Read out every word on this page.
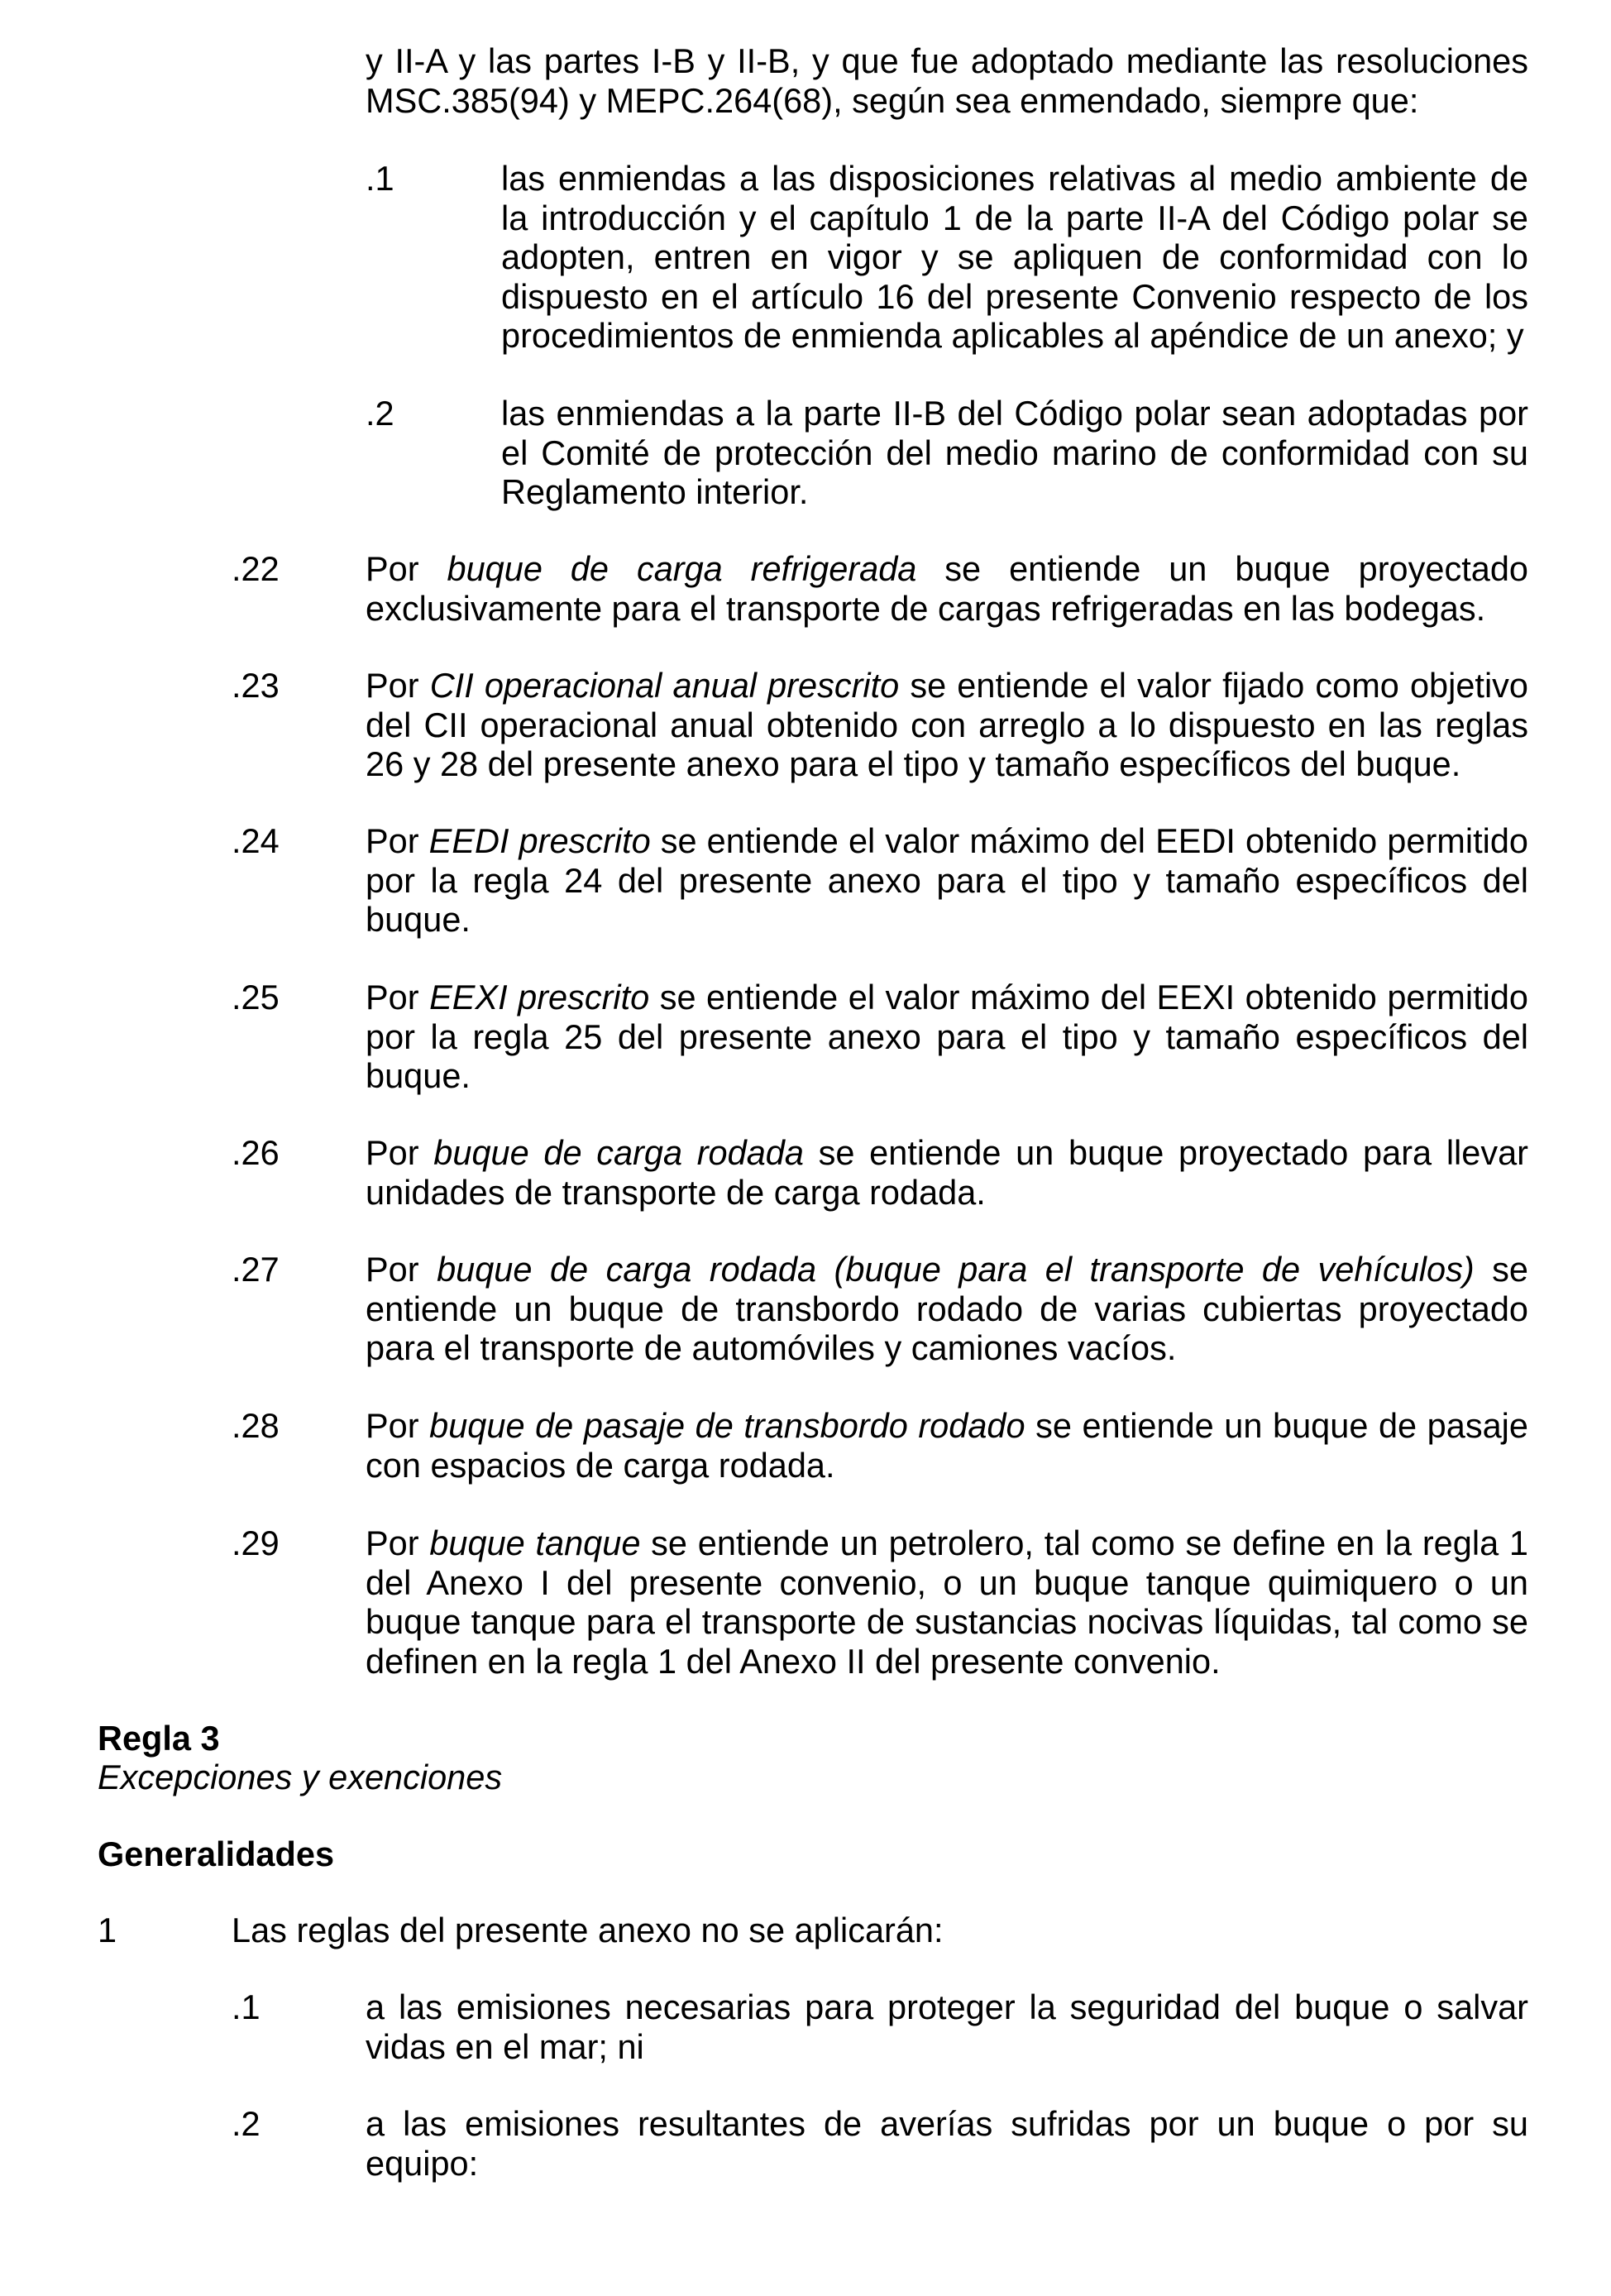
y II-A y las partes I-B y II-B, y que fue adoptado mediante las resoluciones MSC.385(94) y MEPC.264(68), según sea enmendado, siempre que:
.1	las enmiendas a las disposiciones relativas al medio ambiente de la introducción y el capítulo 1 de la parte II-A del Código polar se adopten, entren en vigor y se apliquen de conformidad con lo dispuesto en el artículo 16 del presente Convenio respecto de los procedimientos de enmienda aplicables al apéndice de un anexo; y
.2	las enmiendas a la parte II-B del Código polar sean adoptadas por el Comité de protección del medio marino de conformidad con su Reglamento interior.
.22	Por buque de carga refrigerada se entiende un buque proyectado exclusivamente para el transporte de cargas refrigeradas en las bodegas.
.23	Por CII operacional anual prescrito se entiende el valor fijado como objetivo del CII operacional anual obtenido con arreglo a lo dispuesto en las reglas 26 y 28 del presente anexo para el tipo y tamaño específicos del buque.
.24	Por EEDI prescrito se entiende el valor máximo del EEDI obtenido permitido por la regla 24 del presente anexo para el tipo y tamaño específicos del buque.
.25	Por EEXI prescrito se entiende el valor máximo del EEXI obtenido permitido por la regla 25 del presente anexo para el tipo y tamaño específicos del buque.
.26	Por buque de carga rodada se entiende un buque proyectado para llevar unidades de transporte de carga rodada.
.27	Por buque de carga rodada (buque para el transporte de vehículos) se entiende un buque de transbordo rodado de varias cubiertas proyectado para el transporte de automóviles y camiones vacíos.
.28	Por buque de pasaje de transbordo rodado se entiende un buque de pasaje con espacios de carga rodada.
.29	Por buque tanque se entiende un petrolero, tal como se define en la regla 1 del Anexo I del presente convenio, o un buque tanque quimiquero o un buque tanque para el transporte de sustancias nocivas líquidas, tal como se definen en la regla 1 del Anexo II del presente convenio.
Regla 3
Excepciones y exenciones
Generalidades
1	Las reglas del presente anexo no se aplicarán:
.1	a las emisiones necesarias para proteger la seguridad del buque o salvar vidas en el mar; ni
.2	a las emisiones resultantes de averías sufridas por un buque o por su equipo:
